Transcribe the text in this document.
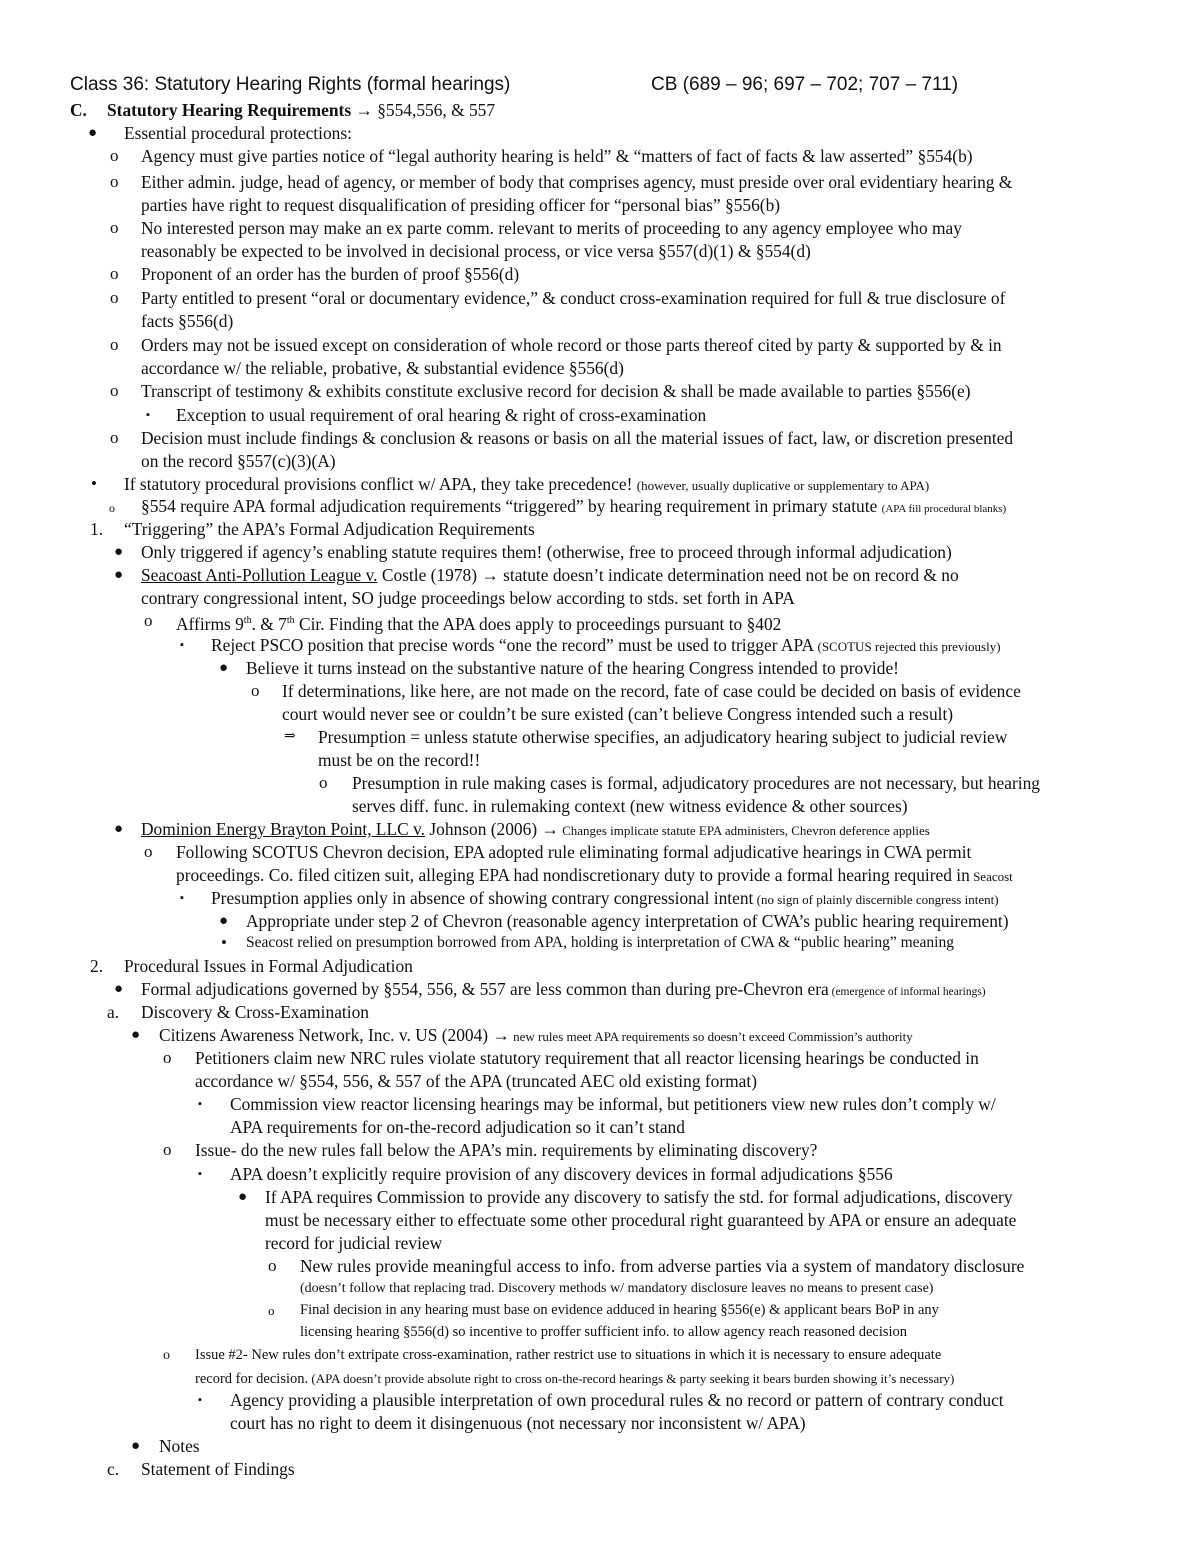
Class 36: Statutory Hearing Rights (formal hearings)	CB (689 – 96; 697 – 702; 707 – 711)
C. Statutory Hearing Requirements → §554,556, & 557
● Essential procedural protections:
o Agency must give parties notice of “legal authority hearing is held” & “matters of fact of facts & law asserted” §554(b)
o Either admin. judge, head of agency, or member of body that comprises agency, must preside over oral evidentiary hearing &
parties have right to request disqualification of presiding officer for “personal bias” §556(b)
o No interested person may make an ex parte comm. relevant to merits of proceeding to any agency employee who may
reasonably be expected to be involved in decisional process, or vice versa §557(d)(1) & §554(d)
o Proponent of an order has the burden of proof §556(d)
o Party entitled to present “oral or documentary evidence,” & conduct cross-examination required for full & true disclosure of
facts §556(d)
o Orders may not be issued except on consideration of whole record or those parts thereof cited by party & supported by & in
accordance w/ the reliable, probative, & substantial evidence §556(d)
o Transcript of testimony & exhibits constitute exclusive record for decision & shall be made available to parties §556(e)
▪ Exception to usual requirement of oral hearing & right of cross-examination
o Decision must include findings & conclusion & reasons or basis on all the material issues of fact, law, or discretion presented
on the record §557(c)(3)(A)
• If statutory procedural provisions conflict w/ APA, they take precedence! (however, usually duplicative or supplementary to APA)
o §554 require APA formal adjudication requirements “triggered” by hearing requirement in primary statute (APA fill procedural blanks)
1. “Triggering” the APA’s Formal Adjudication Requirements
● Only triggered if agency’s enabling statute requires them! (otherwise, free to proceed through informal adjudication)
● Seacoast Anti-Pollution League v. Costle (1978) → statute doesn’t indicate determination need not be on record & no
contrary congressional intent, SO judge proceedings below according to stds. set forth in APA
o Affirms 9th. & 7th Cir. Finding that the APA does apply to proceedings pursuant to §402
▪ Reject PSCO position that precise words “one the record” must be used to trigger APA (SCOTUS rejected this previously)
● Believe it turns instead on the substantive nature of the hearing Congress intended to provide!
o If determinations, like here, are not made on the record, fate of case could be decided on basis of evidence
court would never see or couldn’t be sure existed (can’t believe Congress intended such a result)
⇒ Presumption = unless statute otherwise specifies, an adjudicatory hearing subject to judicial review
must be on the record!!
o Presumption in rule making cases is formal, adjudicatory procedures are not necessary, but hearing
serves diff. func. in rulemaking context (new witness evidence & other sources)
● Dominion Energy Brayton Point, LLC v. Johnson (2006) → Changes implicate statute EPA administers, Chevron deference applies
o Following SCOTUS Chevron decision, EPA adopted rule eliminating formal adjudicative hearings in CWA permit
proceedings. Co. filed citizen suit, alleging EPA had nondiscretionary duty to provide a formal hearing required in Seacost
▪ Presumption applies only in absence of showing contrary congressional intent (no sign of plainly discernible congress intent)
● Appropriate under step 2 of Chevron (reasonable agency interpretation of CWA’s public hearing requirement)
• Seacost relied on presumption borrowed from APA, holding is interpretation of CWA & “public hearing” meaning
2. Procedural Issues in Formal Adjudication
● Formal adjudications governed by §554, 556, & 557 are less common than during pre-Chevron era (emergence of informal hearings)
a. Discovery & Cross-Examination
● Citizens Awareness Network, Inc. v. US (2004) → new rules meet APA requirements so doesn’t exceed Commission’s authority
o Petitioners claim new NRC rules violate statutory requirement that all reactor licensing hearings be conducted in
accordance w/ §554, 556, & 557 of the APA (truncated AEC old existing format)
▪ Commission view reactor licensing hearings may be informal, but petitioners view new rules don’t comply w/
APA requirements for on-the-record adjudication so it can’t stand
o Issue- do the new rules fall below the APA’s min. requirements by eliminating discovery?
▪ APA doesn’t explicitly require provision of any discovery devices in formal adjudications §556
● If APA requires Commission to provide any discovery to satisfy the std. for formal adjudications, discovery
must be necessary either to effectuate some other procedural right guaranteed by APA or ensure an adequate
record for judicial review
o New rules provide meaningful access to info. from adverse parties via a system of mandatory disclosure
(doesn’t follow that replacing trad. Discovery methods w/ mandatory disclosure leaves no means to present case)
o Final decision in any hearing must base on evidence adduced in hearing §556(e) & applicant bears BoP in any
licensing hearing §556(d) so incentive to proffer sufficient info. to allow agency reach reasoned decision
o Issue #2- New rules don’t extripate cross-examination, rather restrict use to situations in which it is necessary to ensure adequate
record for decision. (APA doesn’t provide absolute right to cross on-the-record hearings & party seeking it bears burden showing it’s necessary)
▪ Agency providing a plausible interpretation of own procedural rules & no record or pattern of contrary conduct
court has no right to deem it disingenuous (not necessary nor inconsistent w/ APA)
● Notes
c. Statement of Findings
